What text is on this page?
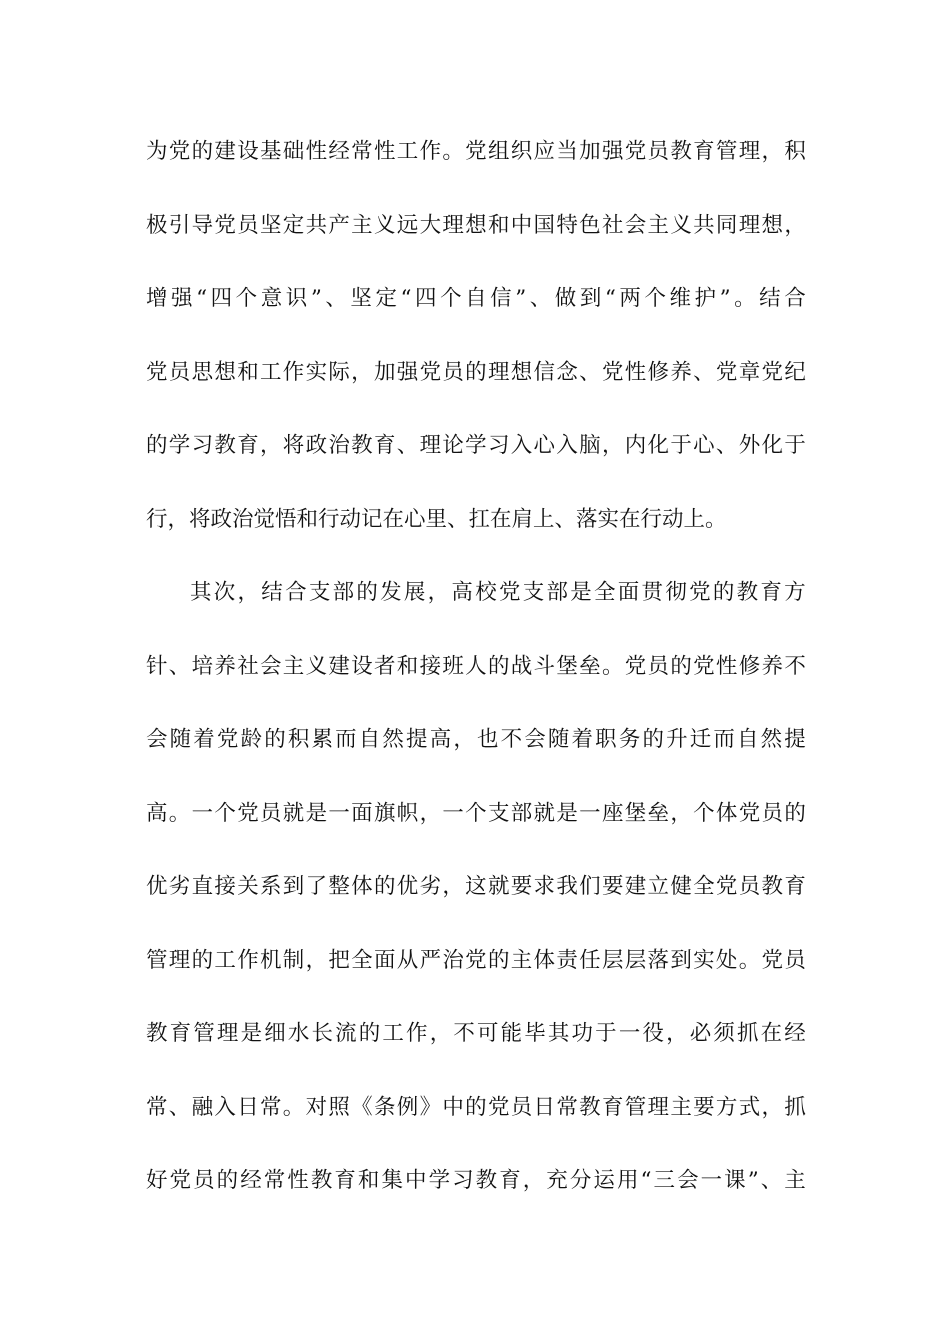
为 党 的 建 设 基 础 性 经 常 性 工 作 。 党 组 织 应 当 加 强 党 员 教 育 管 理 ， 积
极 引 导 党 员 坚 定 共 产 主 义 远 大 理 想 和 中 国 特 色 社 会 主 义 共 同 理 想 ，
增 强 “ 四 个 意 识 ” 、 坚 定 “ 四 个 自 信 ” 、 做 到 “ 两 个 维 护 ” 。 结 合
党 员 思 想 和 工 作 实 际 ， 加 强 党 员 的 理 想 信 念 、 党 性 修 养 、 党 章 党 纪
的 学 习 教 育 ， 将 政 治 教 育 、 理 论 学 习 入 心 入 脑 ， 内 化 于 心 、 外 化 于
行，将政治觉悟和行动记在心里、扛在肩上、落实在行动上。
其 次 ， 结 合 支 部 的 发 展 ， 高 校 党 支 部 是 全 面 贯 彻 党 的 教 育 方
针 、 培 养 社 会 主 义 建 设 者 和 接 班 人 的 战 斗 堡 垒 。 党 员 的 党 性 修 养 不
会 随 着 党 龄 的 积 累 而 自 然 提 高 ， 也 不 会 随 着 职 务 的 升 迁 而 自 然 提
高 。 一 个 党 员 就 是 一 面 旗 帜 ， 一 个 支 部 就 是 一 座 堡 垒 ， 个 体 党 员 的
优 劣 直 接 关 系 到 了 整 体 的 优 劣 ， 这 就 要 求 我 们 要 建 立 健 全 党 员 教 育
管 理 的 工 作 机 制 ， 把 全 面 从 严 治 党 的 主 体 责 任 层 层 落 到 实 处 。 党 员
教 育 管 理 是 细 水 长 流 的 工 作 ， 不 可 能 毕 其 功 于 一 役 ， 必 须 抓 在 经
常 、 融 入 日 常 。 对 照 《 条 例 》 中 的 党 员 日 常 教 育 管 理 主 要 方 式 ， 抓
好 党 员 的 经 常 性 教 育 和 集 中 学 习 教 育 ， 充 分 运 用 “ 三 会 一 课 ” 、 主
